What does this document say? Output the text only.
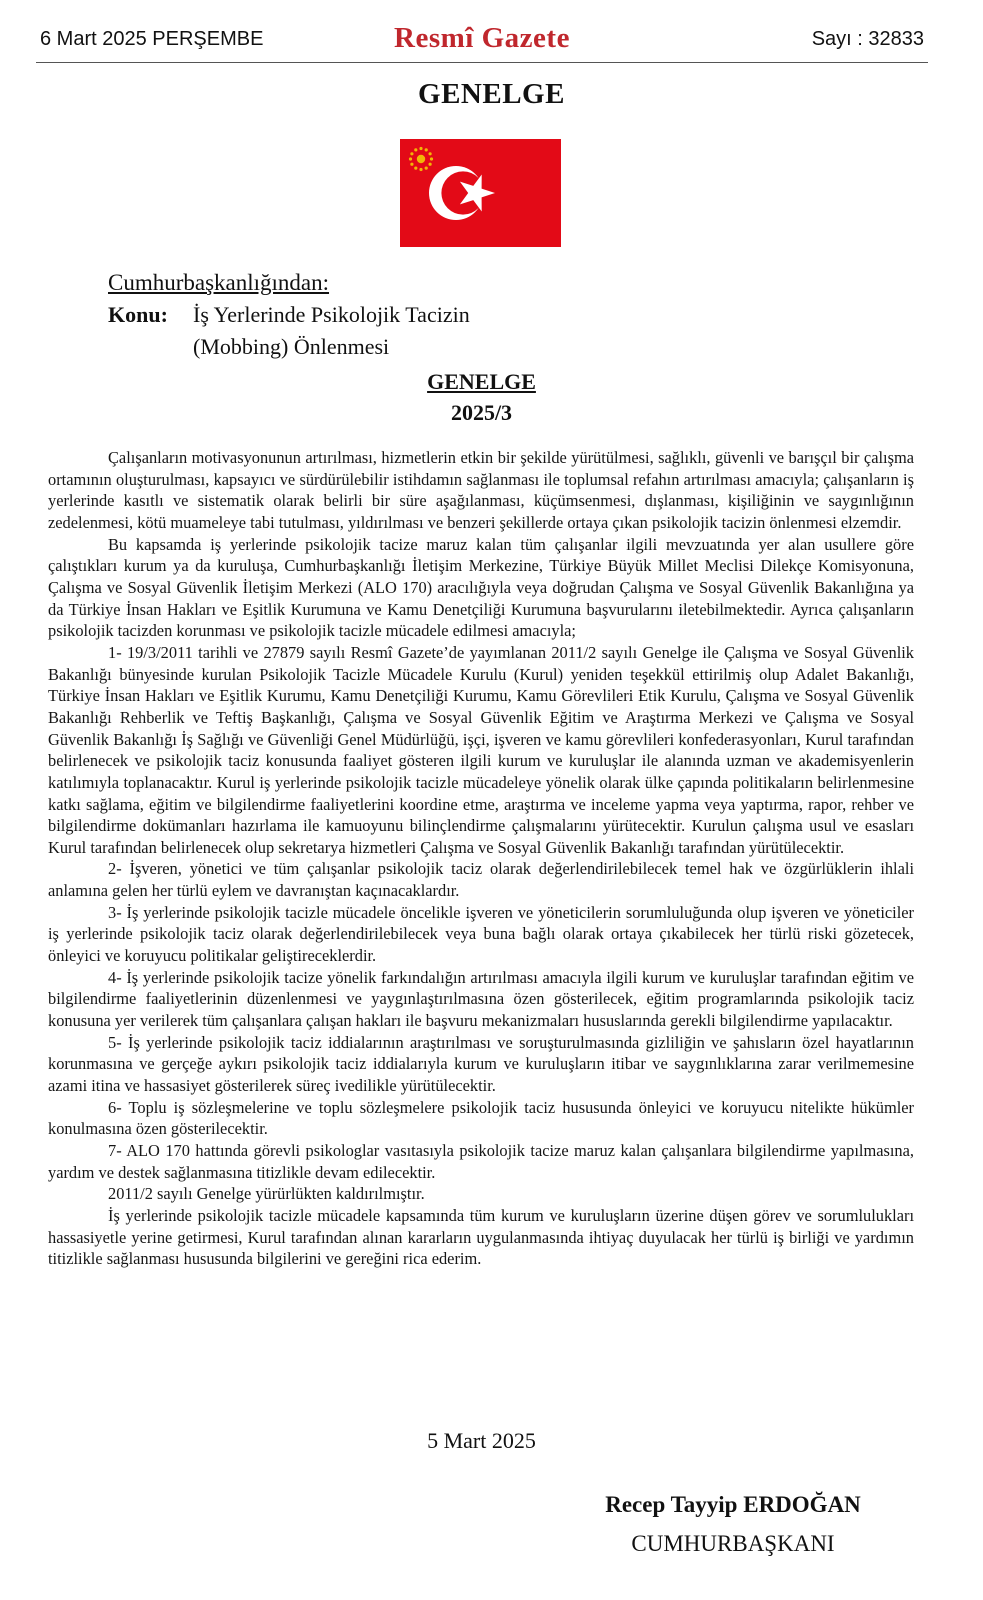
6 Mart 2025 PERŞEMBE	Resmî Gazete	Sayı : 32833
GENELGE
Cumhurbaşkanlığından:
Konu: İş Yerlerinde Psikolojik Tacizin
(Mobbing) Önlenmesi
GENELGE
2025/3

Çalışanların motivasyonunun artırılması, hizmetlerin etkin bir şekilde yürütülmesi, sağlıklı, güvenli ve barışçıl bir çalışma ortamının oluşturulması, kapsayıcı ve sürdürülebilir istihdamın sağlanması ile toplumsal refahın artırılması amacıyla; çalışanların iş yerlerinde kasıtlı ve sistematik olarak belirli bir süre aşağılanması, küçümsenmesi, dışlanması, kişiliğinin ve saygınlığının zedelenmesi, kötü muameleye tabi tutulması, yıldırılması ve benzeri şekillerde ortaya çıkan psikolojik tacizin önlenmesi elzemdir.

Bu kapsamda iş yerlerinde psikolojik tacize maruz kalan tüm çalışanlar ilgili mevzuatında yer alan usullere göre çalıştıkları kurum ya da kuruluşa, Cumhurbaşkanlığı İletişim Merkezine, Türkiye Büyük Millet Meclisi Dilekçe Komisyonuna, Çalışma ve Sosyal Güvenlik İletişim Merkezi (ALO 170) aracılığıyla veya doğrudan Çalışma ve Sosyal Güvenlik Bakanlığına ya da Türkiye İnsan Hakları ve Eşitlik Kurumuna ve Kamu Denetçiliği Kurumuna başvurularını iletebilmektedir. Ayrıca çalışanların psikolojik tacizden korunması ve psikolojik tacizle mücadele edilmesi amacıyla;

1- 19/3/2011 tarihli ve 27879 sayılı Resmî Gazete’de yayımlanan 2011/2 sayılı Genelge ile Çalışma ve Sosyal Güvenlik Bakanlığı bünyesinde kurulan Psikolojik Tacizle Mücadele Kurulu (Kurul) yeniden teşekkül ettirilmiş olup Adalet Bakanlığı, Türkiye İnsan Hakları ve Eşitlik Kurumu, Kamu Denetçiliği Kurumu, Kamu Görevlileri Etik Kurulu, Çalışma ve Sosyal Güvenlik Bakanlığı Rehberlik ve Teftiş Başkanlığı, Çalışma ve Sosyal Güvenlik Eğitim ve Araştırma Merkezi ve Çalışma ve Sosyal Güvenlik Bakanlığı İş Sağlığı ve Güvenliği Genel Müdürlüğü, işçi, işveren ve kamu görevlileri konfederasyonları, Kurul tarafından belirlenecek ve psikolojik taciz konusunda faaliyet gösteren ilgili kurum ve kuruluşlar ile alanında uzman ve akademisyenlerin katılımıyla toplanacaktır. Kurul iş yerlerinde psikolojik tacizle mücadeleye yönelik olarak ülke çapında politikaların belirlenmesine katkı sağlama, eğitim ve bilgilendirme faaliyetlerini koordine etme, araştırma ve inceleme yapma veya yaptırma, rapor, rehber ve bilgilendirme dokümanları hazırlama ile kamuoyunu bilinçlendirme çalışmalarını yürütecektir. Kurulun çalışma usul ve esasları Kurul tarafından belirlenecek olup sekretarya hizmetleri Çalışma ve Sosyal Güvenlik Bakanlığı tarafından yürütülecektir.

2- İşveren, yönetici ve tüm çalışanlar psikolojik taciz olarak değerlendirilebilecek temel hak ve özgürlüklerin ihlali anlamına gelen her türlü eylem ve davranıştan kaçınacaklardır.

3- İş yerlerinde psikolojik tacizle mücadele öncelikle işveren ve yöneticilerin sorumluluğunda olup işveren ve yöneticiler iş yerlerinde psikolojik taciz olarak değerlendirilebilecek veya buna bağlı olarak ortaya çıkabilecek her türlü riski gözetecek, önleyici ve koruyucu politikalar geliştireceklerdir.

4- İş yerlerinde psikolojik tacize yönelik farkındalığın artırılması amacıyla ilgili kurum ve kuruluşlar tarafından eğitim ve bilgilendirme faaliyetlerinin düzenlenmesi ve yaygınlaştırılmasına özen gösterilecek, eğitim programlarında psikolojik taciz konusuna yer verilerek tüm çalışanlara çalışan hakları ile başvuru mekanizmaları hususlarında gerekli bilgilendirme yapılacaktır.

5- İş yerlerinde psikolojik taciz iddialarının araştırılması ve soruşturulmasında gizliliğin ve şahısların özel hayatlarının korunmasına ve gerçeğe aykırı psikolojik taciz iddialarıyla kurum ve kuruluşların itibar ve saygınlıklarına zarar verilmemesine azami itina ve hassasiyet gösterilerek süreç ivedilikle yürütülecektir.

6- Toplu iş sözleşmelerine ve toplu sözleşmelere psikolojik taciz hususunda önleyici ve koruyucu nitelikte hükümler konulmasına özen gösterilecektir.

7- ALO 170 hattında görevli psikologlar vasıtasıyla psikolojik tacize maruz kalan çalışanlara bilgilendirme yapılmasına, yardım ve destek sağlanmasına titizlikle devam edilecektir.

2011/2 sayılı Genelge yürürlükten kaldırılmıştır.

İş yerlerinde psikolojik tacizle mücadele kapsamında tüm kurum ve kuruluşların üzerine düşen görev ve sorumlulukları hassasiyetle yerine getirmesi, Kurul tarafından alınan kararların uygulanmasında ihtiyaç duyulacak her türlü iş birliği ve yardımın titizlikle sağlanması hususunda bilgilerini ve gereğini rica ederim.

5 Mart 2025
Recep Tayyip ERDOĞAN
CUMHURBAŞKANI
